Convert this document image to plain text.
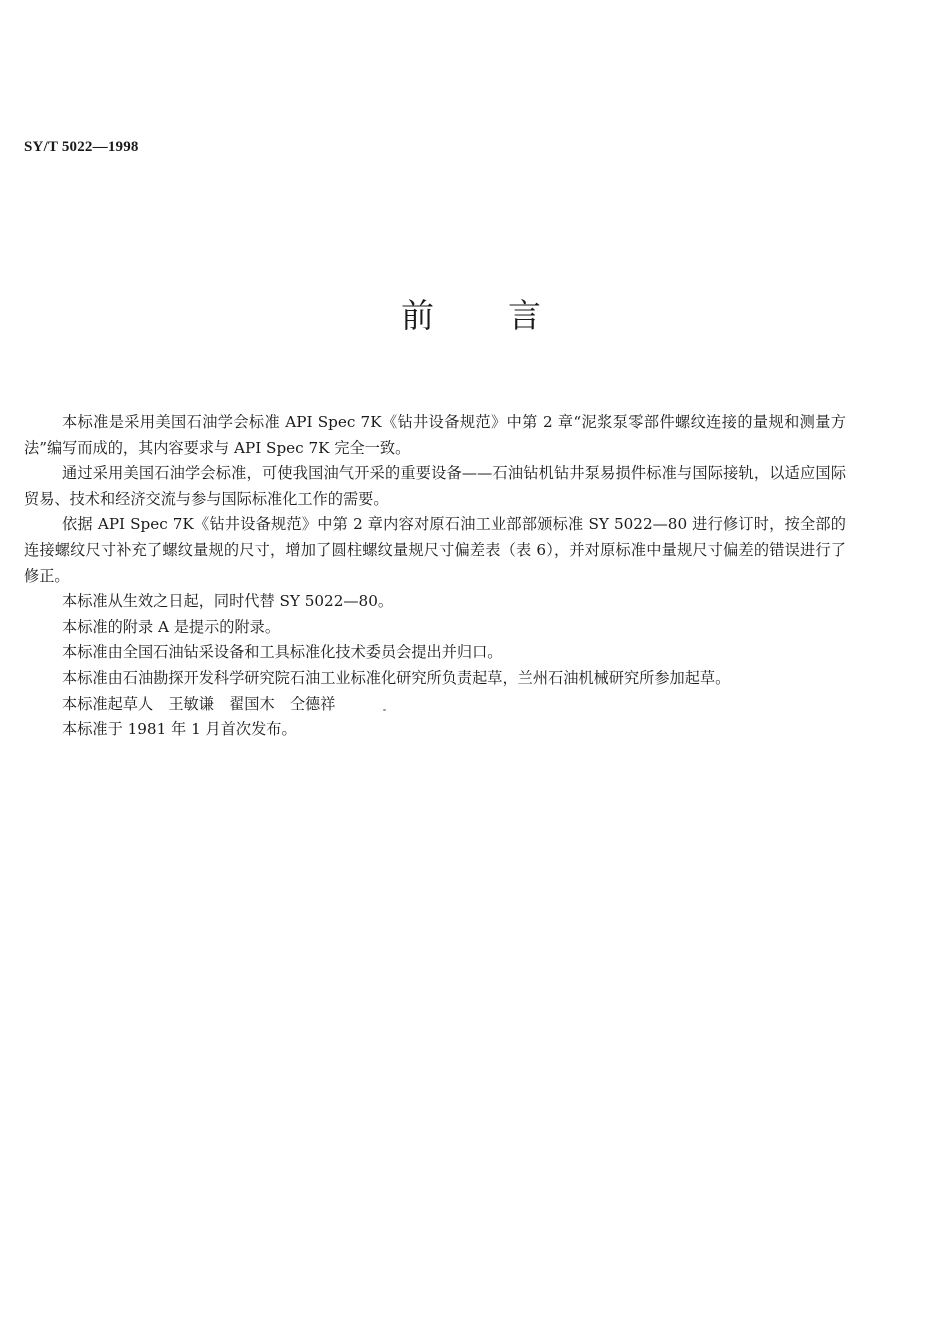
SY/T 5022—1998
前言

本标准是采用美国石油学会标准 API Spec 7K《钻井设备规范》中第 2 章“泥浆泵零部件螺纹连接的量规和测量方法”编写而成的，其内容要求与 API Spec 7K 完全一致。

通过采用美国石油学会标准，可使我国油气开采的重要设备——石油钻机钻井泵易损件标准与国际接轨，以适应国际贸易、技术和经济交流与参与国际标准化工作的需要。

依据 API Spec 7K《钻井设备规范》中第 2 章内容对原石油工业部部颁标准 SY 5022—80 进行修订时，按全部的连接螺纹尺寸补充了螺纹量规的尺寸，增加了圆柱螺纹量规尺寸偏差表（表 6），并对原标准中量规尺寸偏差的错误进行了修正。

本标准从生效之日起，同时代替 SY 5022—80。

本标准的附录 A 是提示的附录。

本标准由全国石油钻采设备和工具标准化技术委员会提出并归口。

本标准由石油勘探开发科学研究院石油工业标准化研究所负责起草，兰州石油机械研究所参加起草。

本标准起草人　王敏谦　翟国木　仝德祥

本标准于 1981 年 1 月首次发布。
